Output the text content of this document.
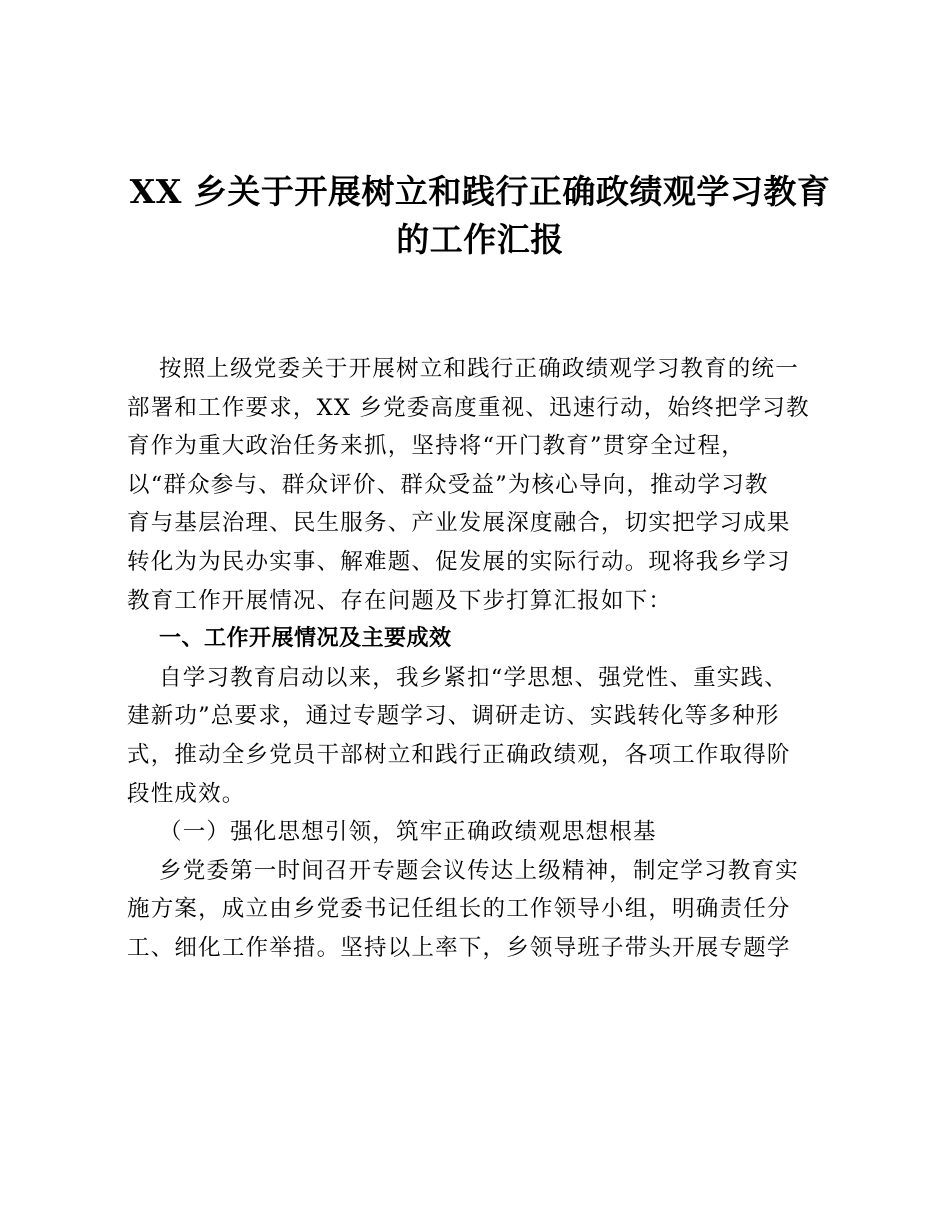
XX 乡关于开展树立和践行正确政绩观学习教育
的工作汇报
按照上级党委关于开展树立和践行正确政绩观学习教育的统一
部署和工作要求，XX 乡党委高度重视、迅速行动，始终把学习教
育作为重大政治任务来抓，坚持将“开门教育”贯穿全过程，
以“群众参与、群众评价、群众受益”为核心导向，推动学习教
育与基层治理、民生服务、产业发展深度融合，切实把学习成果
转化为为民办实事、解难题、促发展的实际行动。现将我乡学习
教育工作开展情况、存在问题及下步打算汇报如下：
一、工作开展情况及主要成效
自学习教育启动以来，我乡紧扣“学思想、强党性、重实践、
建新功”总要求，通过专题学习、调研走访、实践转化等多种形
式，推动全乡党员干部树立和践行正确政绩观，各项工作取得阶
段性成效。
（一）强化思想引领，筑牢正确政绩观思想根基
乡党委第一时间召开专题会议传达上级精神，制定学习教育实
施方案，成立由乡党委书记任组长的工作领导小组，明确责任分
工、细化工作举措。坚持以上率下，乡领导班子带头开展专题学
